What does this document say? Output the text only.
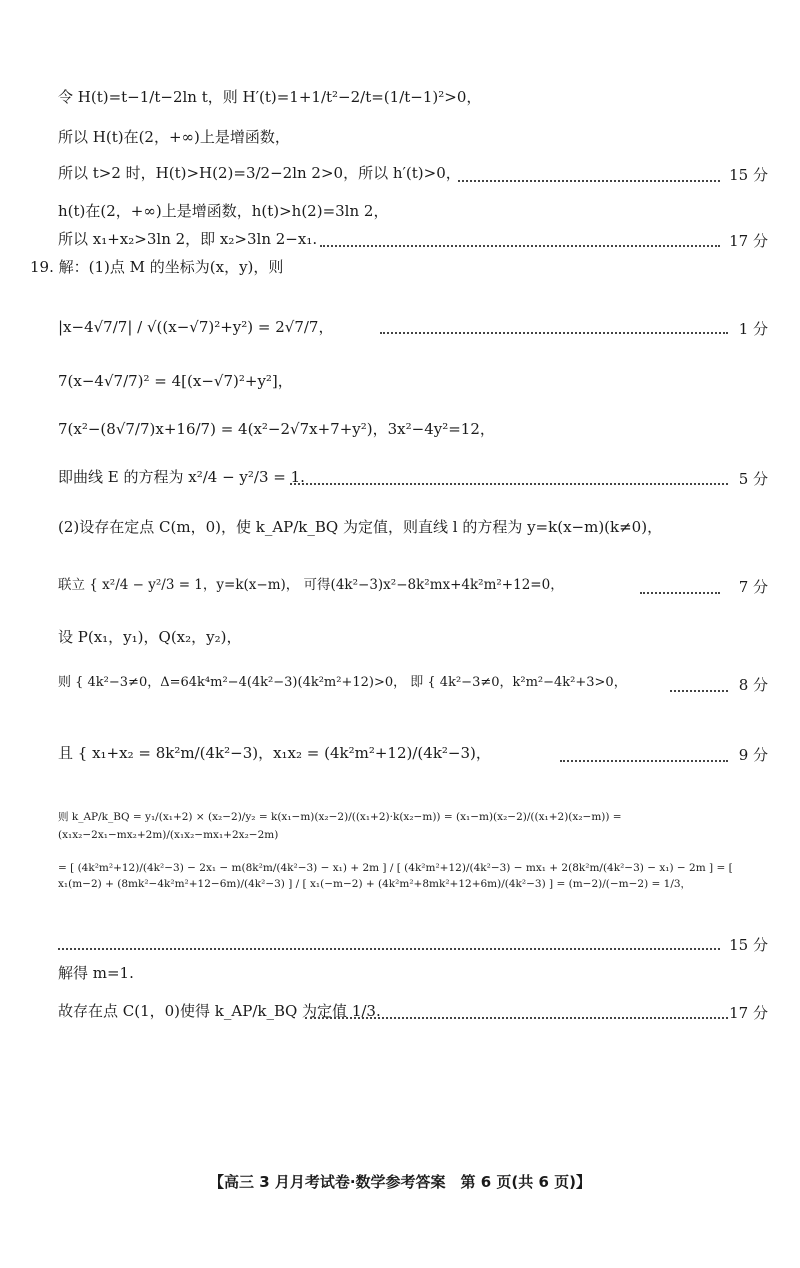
令 H(t)=t−1/t−2ln t，则 H′(t)=1+1/t²−2/t=(1/t−1)²>0，
所以 H(t)在(2，+∞)上是增函数，
所以 t>2 时，H(t)>H(2)=3/2−2ln 2>0，所以 h′(t)>0，	15 分
h(t)在(2，+∞)上是增函数，h(t)>h(2)=3ln 2，
所以 x₁+x₂>3ln 2，即 x₂>3ln 2−x₁.	17 分
19. 解：(1)点 M 的坐标为(x，y)，则
|x−4√7/7| / √((x−√7)²+y²) = 2√7/7，	1 分
7(x−4√7/7)² = 4[(x−√7)²+y²]，
7(x²−(8√7/7)x+16/7) = 4(x²−2√7x+7+y²)，3x²−4y²=12，
即曲线 E 的方程为 x²/4 − y²/3 = 1.	5 分
(2)设存在定点 C(m，0)，使 k_AP/k_BQ 为定值，则直线 l 的方程为 y=k(x−m)(k≠0)，
联立 { x²/4 − y²/3 = 1，y=k(x−m)， 可得(4k²−3)x²−8k²mx+4k²m²+12=0，	7 分
设 P(x₁，y₁)，Q(x₂，y₂)，
则 { 4k²−3≠0，Δ=64k⁴m²−4(4k²−3)(4k²m²+12)>0， 即 { 4k²−3≠0，k²m²−4k²+3>0，	8 分
且 { x₁+x₂ = 8k²m/(4k²−3)，x₁x₂ = (4k²m²+12)/(4k²−3)，	9 分
则 k_AP/k_BQ = y₁/(x₁+2) × (x₂−2)/y₂ = k(x₁−m)(x₂−2)/((x₁+2)·k(x₂−m)) = (x₁−m)(x₂−2)/((x₁+2)(x₂−m)) = (x₁x₂−2x₁−mx₂+2m)/(x₁x₂−mx₁+2x₂−2m)
= [ (4k²m²+12)/(4k²−3) − 2x₁ − m(8k²m/(4k²−3) − x₁) + 2m ] / [ (4k²m²+12)/(4k²−3) − mx₁ + 2(8k²m/(4k²−3) − x₁) − 2m ] = [ x₁(m−2) + (8mk²−4k²m²+12−6m)/(4k²−3) ] / [ x₁(−m−2) + (4k²m²+8mk²+12+6m)/(4k²−3) ] = (m−2)/(−m−2) = 1/3，
15 分
解得 m=1.
故存在点 C(1，0)使得 k_AP/k_BQ 为定值 1/3.	17 分
【高三 3 月月考试卷·数学参考答案　第 6 页(共 6 页)】
